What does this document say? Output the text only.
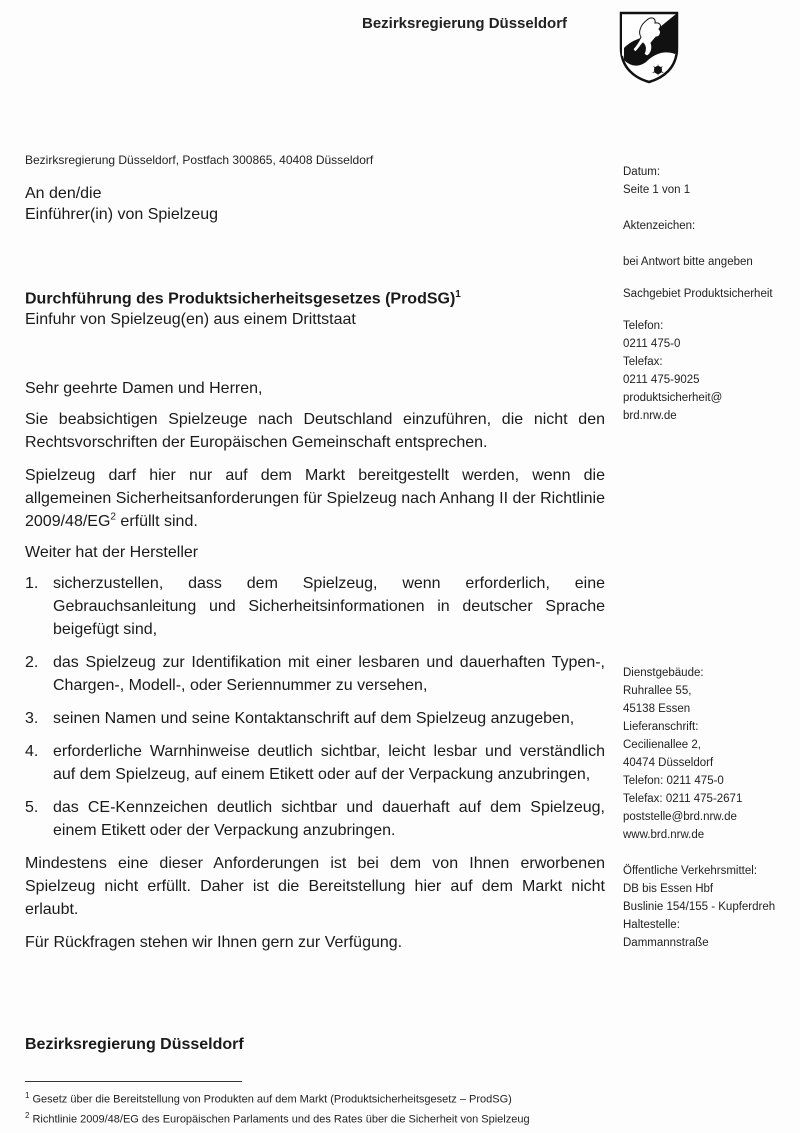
Bezirksregierung Düsseldorf
Bezirksregierung Düsseldorf, Postfach 300865, 40408 Düsseldorf
An den/die
Einführer(in) von Spielzeug
Durchführung des Produktsicherheitsgesetzes (ProdSG)$^1$
Einfuhr von Spielzeug(en) aus einem Drittstaat

Sehr geehrte Damen und Herren,

Sie beabsichtigen Spielzeuge nach Deutschland einzuführen, die nicht den Rechtsvorschriften der Europäischen Gemeinschaft entsprechen.

Spielzeug darf hier nur auf dem Markt bereitgestellt werden, wenn die allgemeinen Sicherheitsanforderungen für Spielzeug nach Anhang II der Richtlinie $2009/48/EG^2$ erfüllt sind.

Weiter hat der Hersteller

1. sicherzustellen, dass dem Spielzeug, wenn erforderlich, eine Gebrauchsanleitung und Sicherheitsinformationen in deutscher Sprache beigefügt sind,
2. das Spielzeug zur Identifikation mit einer lesbaren und dauerhaften Typen-, Chargen-, Modell-, oder Seriennummer zu versehen,
3. seinen Namen und seine Kontaktanschrift auf dem Spielzeug anzugeben,
4. erforderliche Warnhinweise deutlich sichtbar, leicht lesbar und verständlich auf dem Spielzeug, auf einem Etikett oder auf der Verpackung anzubringen,
5. das CE-Kennzeichen deutlich sichtbar und dauerhaft auf dem Spielzeug, einem Etikett oder der Verpackung anzubringen.

Mindestens eine dieser Anforderungen ist bei dem von Ihnen erworbenen Spielzeug nicht erfüllt. Daher ist die Bereitstellung hier auf dem Markt nicht erlaubt.

Für Rückfragen stehen wir Ihnen gern zur Verfügung.

Bezirksregierung Düsseldorf
$^1$ Gesetz über die Bereitstellung von Produkten auf dem Markt (Produktsicherheitsgesetz – ProdSG)
$^2$ Richtlinie 2009/48/EG des Europäischen Parlaments und des Rates über die Sicherheit von Spielzeug
Datum:
Seite 1 von 1
Aktenzeichen:
bei Antwort bitte angeben
Sachgebiet Produktsicherheit
Telefon:
0211 475-0
Telefax:
0211 475-9025
produktsicherheit@
brd.nrw.de
Dienstgebäude:
Ruhrallee 55,
45138 Essen
Lieferanschrift:
Cecilienallee 2,
40474 Düsseldorf
Telefon: 0211 475-0
Telefax: 0211 475-2671
poststelle@brd.nrw.de
www.brd.nrw.de
Öffentliche Verkehrsmittel:
DB bis Essen Hbf
Buslinie 154/155 - Kupferdreh
Haltestelle:
Dammannstraße
